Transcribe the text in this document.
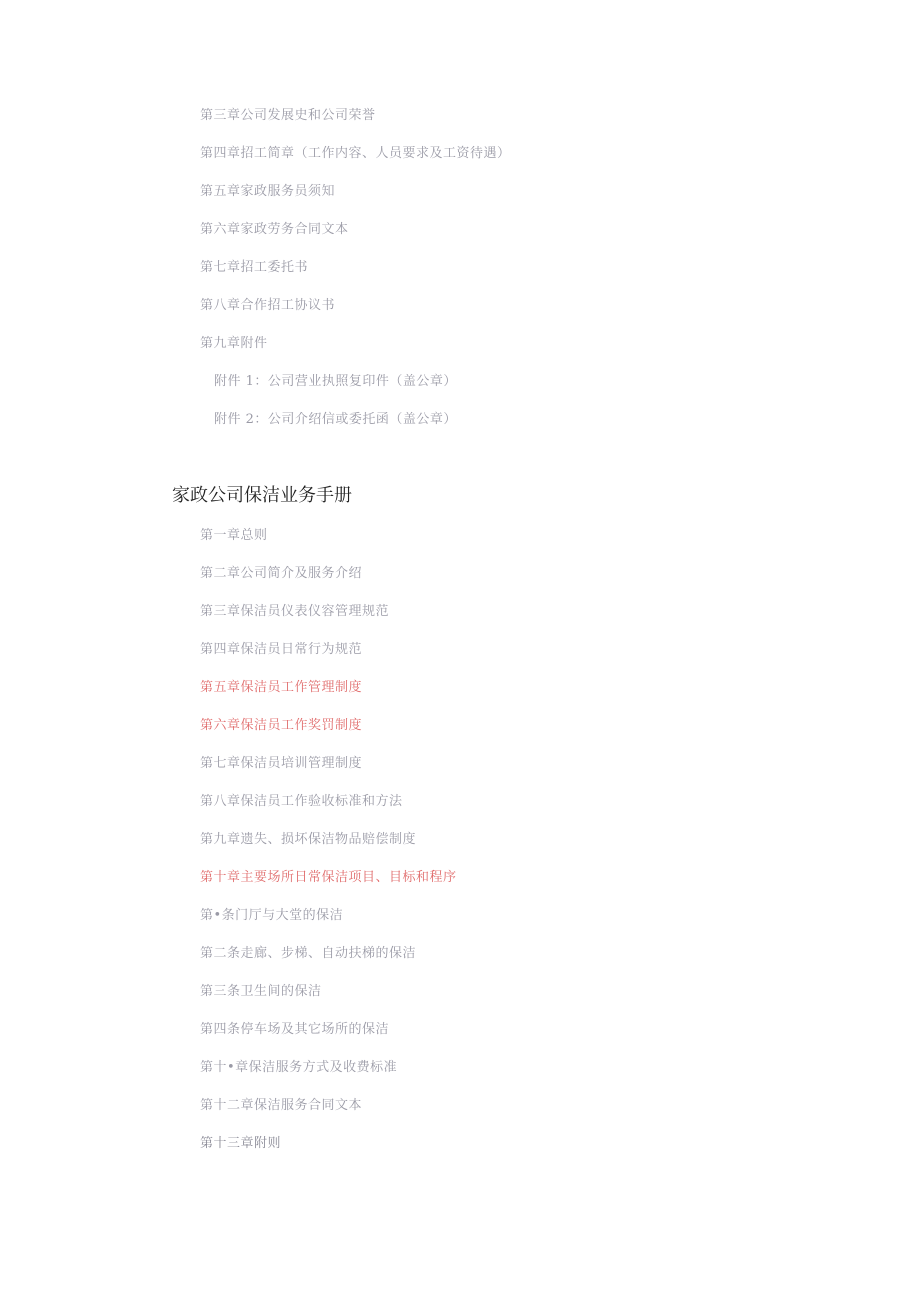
第三章公司发展史和公司荣誉
第四章招工简章（工作内容、人员要求及工资待遇）
第五章家政服务员须知
第六章家政劳务合同文本
第七章招工委托书
第八章合作招工协议书
第九章附件
附件 1：公司营业执照复印件（盖公章）
附件 2：公司介绍信或委托函（盖公章）
家政公司保洁业务手册
第一章总则
第二章公司简介及服务介绍
第三章保洁员仪表仪容管理规范
第四章保洁员日常行为规范
第五章保洁员工作管理制度
第六章保洁员工作奖罚制度
第七章保洁员培训管理制度
第八章保洁员工作验收标准和方法
第九章遗失、损坏保洁物品赔偿制度
第十章主要场所日常保洁项目、目标和程序
第•条门厅与大堂的保洁
第二条走廊、步梯、自动扶梯的保洁
第三条卫生间的保洁
第四条停车场及其它场所的保洁
第十•章保洁服务方式及收费标准
第十二章保洁服务合同文本
第十三章附则
